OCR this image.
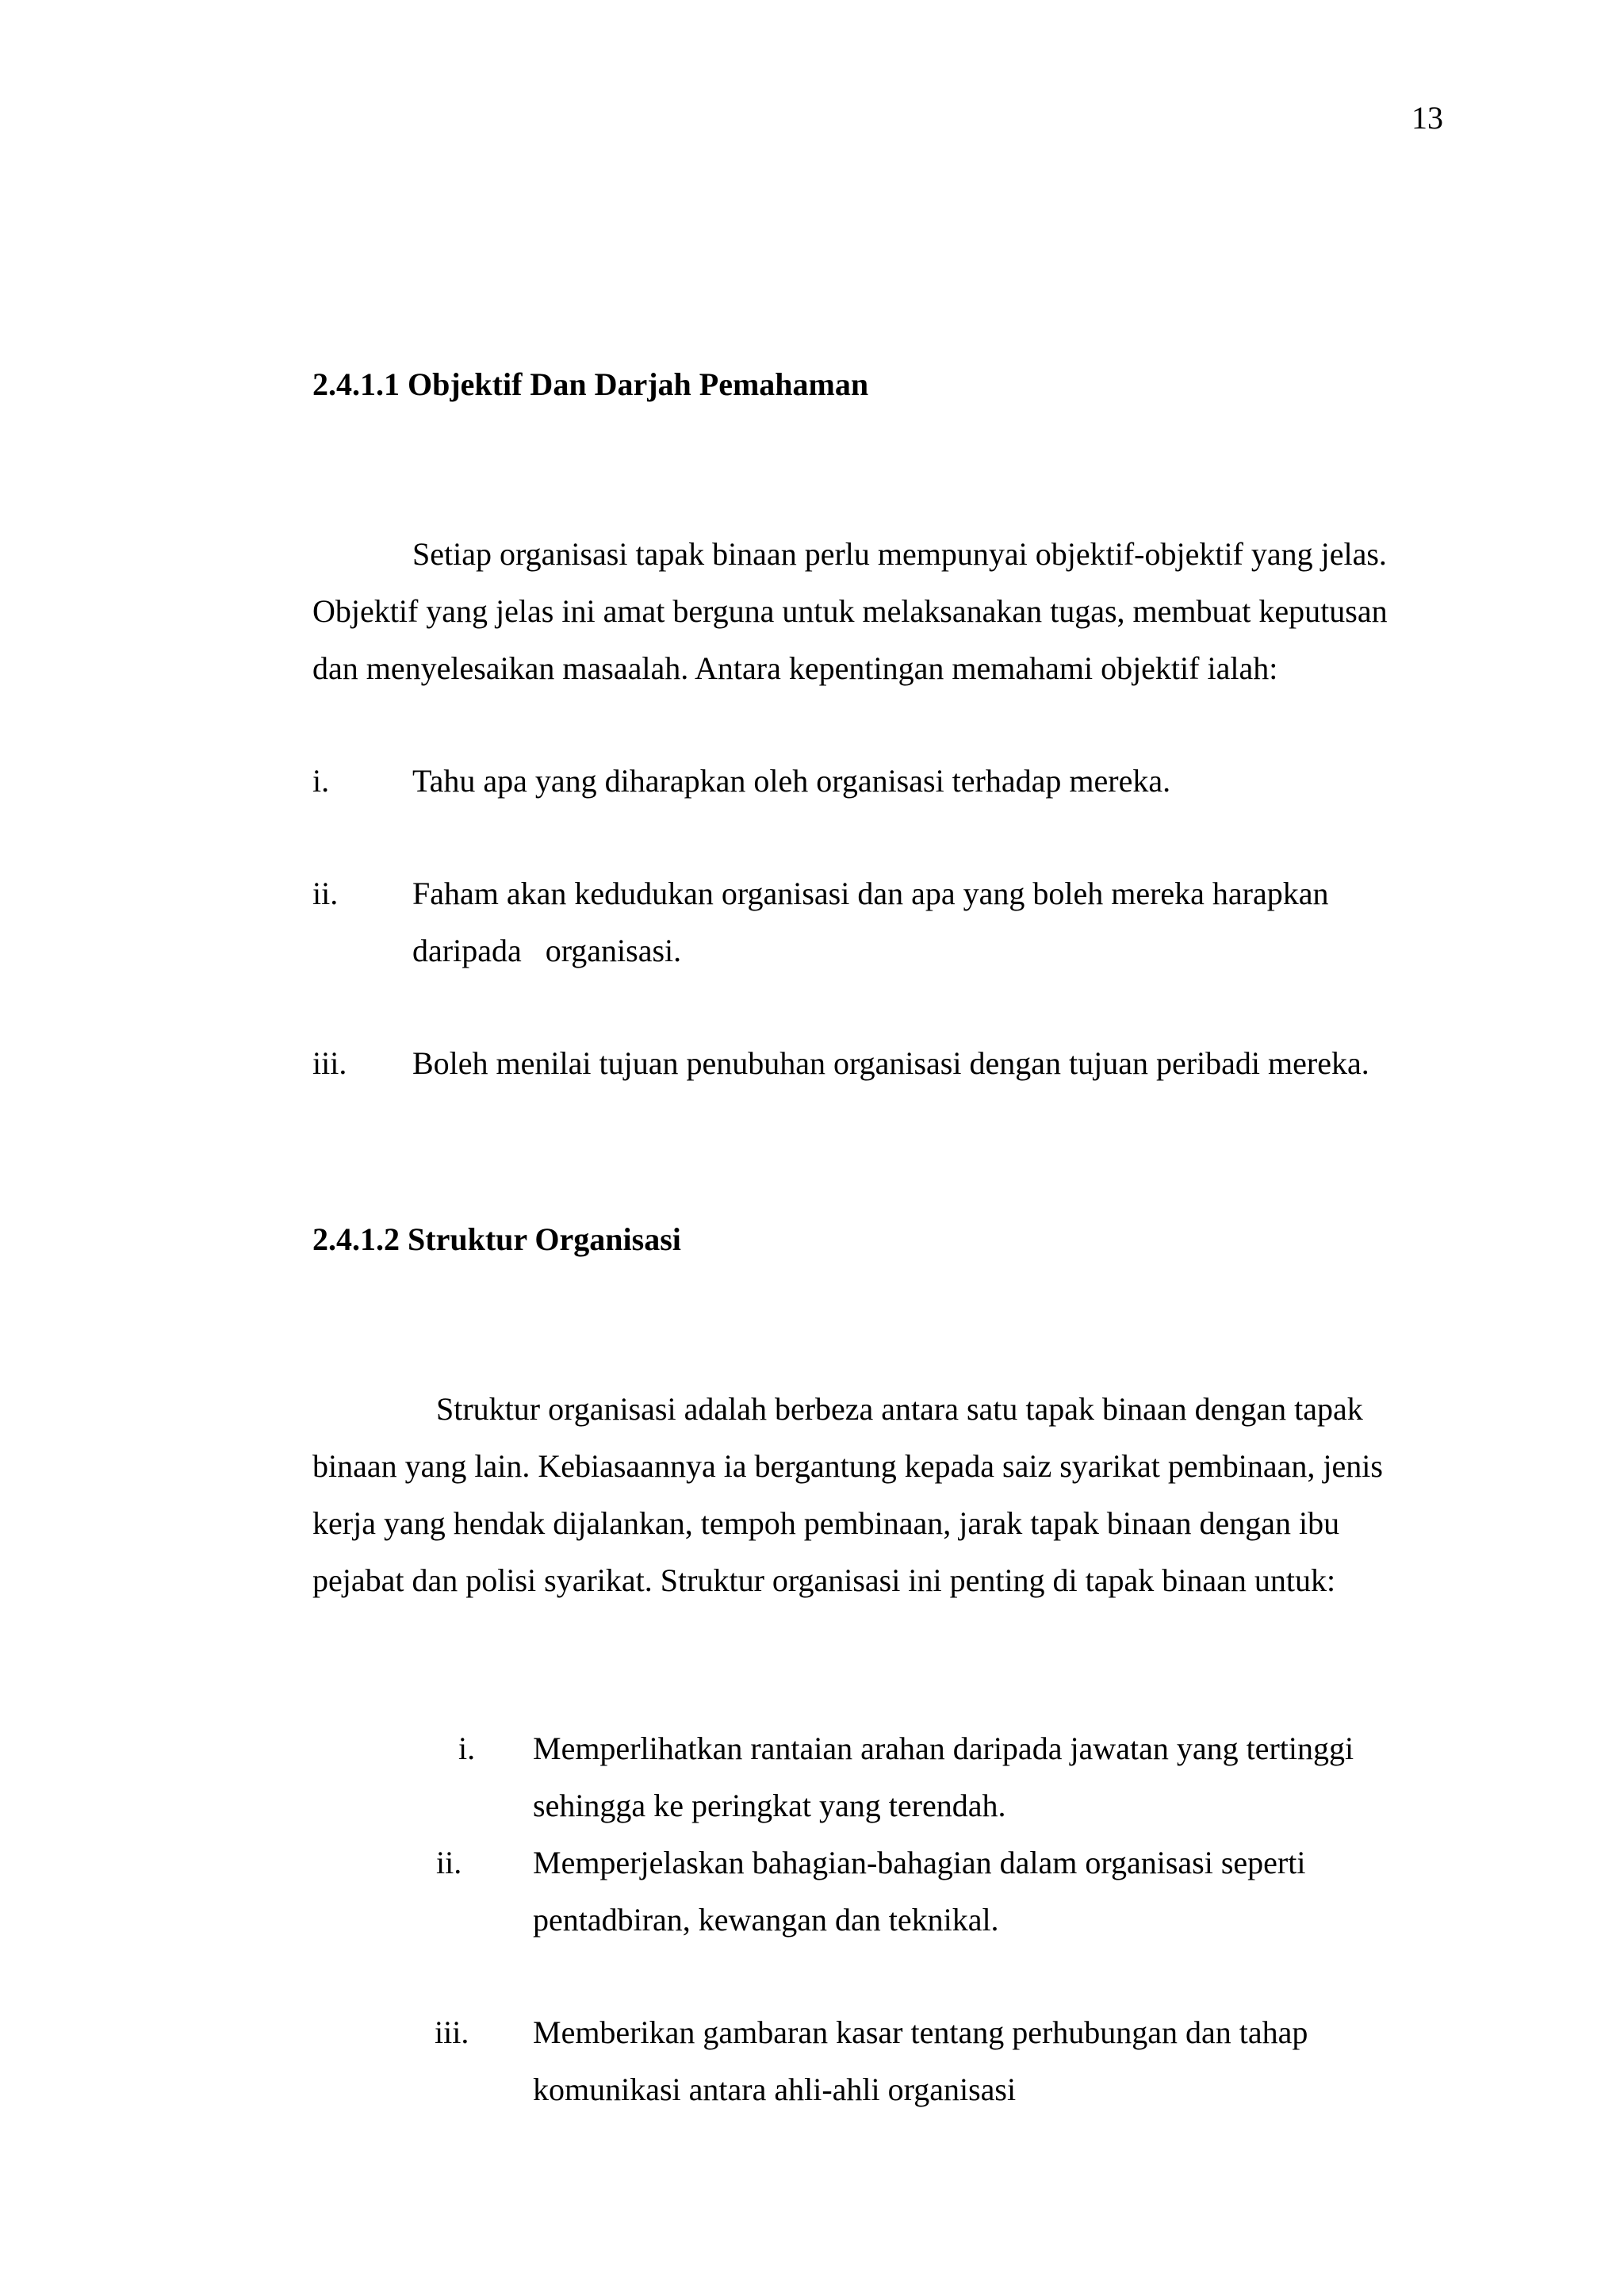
13
2.4.1.1 Objektif Dan Darjah Pemahaman
Setiap organisasi tapak binaan perlu mempunyai objektif-objektif yang jelas.
Objektif yang jelas ini amat berguna untuk melaksanakan tugas, membuat keputusan
dan menyelesaikan masaalah. Antara kepentingan memahami objektif ialah:
i.	Tahu apa yang diharapkan oleh organisasi terhadap mereka.
ii. Faham akan kedudukan organisasi dan apa yang boleh mereka harapkan
daripada   organisasi.
iii. Boleh menilai tujuan penubuhan organisasi dengan tujuan peribadi mereka.
2.4.1.2 Struktur Organisasi
Struktur organisasi adalah berbeza antara satu tapak binaan dengan tapak
binaan yang lain. Kebiasaannya ia bergantung kepada saiz syarikat pembinaan, jenis
kerja yang hendak dijalankan, tempoh pembinaan, jarak tapak binaan dengan ibu
pejabat dan polisi syarikat. Struktur organisasi ini penting di tapak binaan untuk:
i. Memperlihatkan rantaian arahan daripada jawatan yang tertinggi
sehingga ke peringkat yang terendah.
ii. Memperjelaskan bahagian-bahagian dalam organisasi seperti
pentadbiran, kewangan dan teknikal.
iii. Memberikan gambaran kasar tentang perhubungan dan tahap
komunikasi antara ahli-ahli organisasi
